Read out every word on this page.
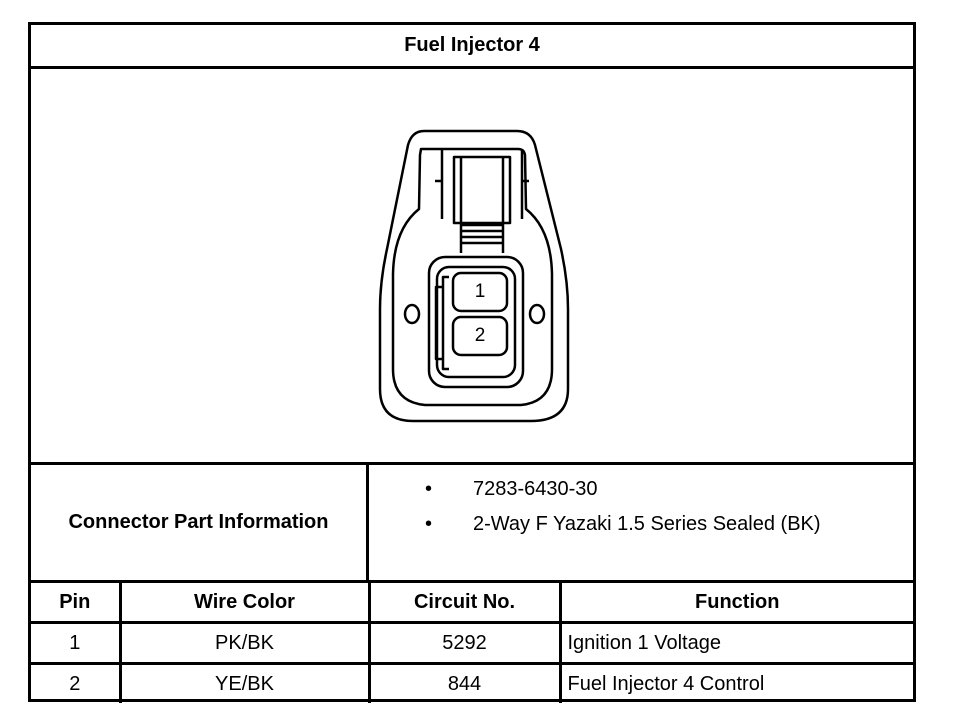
Fuel Injector 4
1
2
Connector Part Information
• 7283-6430-30
• 2-Way F Yazaki 1.5 Series Sealed (BK)
Pin	Wire Color	Circuit No.	Function
1	PK/BK	5292	Ignition 1 Voltage
2	YE/BK	844	Fuel Injector 4 Control
